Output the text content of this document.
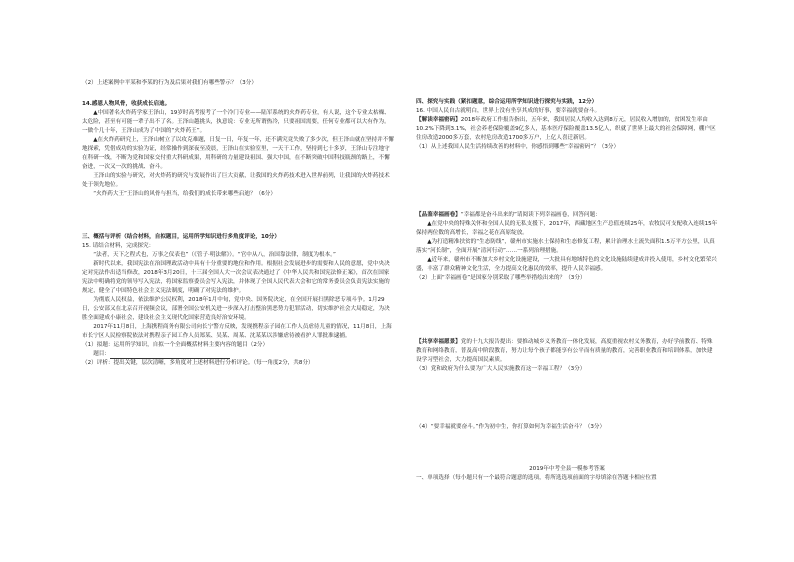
（2）上述案例中平某和李某的行为及后果对我们有哪些警示？（3分）

14.感恩人物风骨，收获成长启迪。

▲中国著名火炸药学家王泽山，19岁时高考报考了一个冷门专业——陆军系统的火炸药专业，有人说，这个专业太枯燥、太危险，甚至有可能一辈子出不了名。王泽山越挑头，执意说：专业无所谓热冷，只要祖国需要，任何专业都可以大有作为。一做个几十年，王泽山成为了中国的“火炸药王”。

▲在火炸药研究上，王泽山树立了以攻克难题，日复一日，年复一年，还不满究竟失败了多少次，但王泽山就在坚持并不懈地探索，凭借成功的实验为证，经常操作到深夜至凌晨，王泽山在实验室里，一天干工作，坚持到七十多岁，王泽山专注地守在科研一线，不断为党和国家交付重大科研成果，用科研的力量建设祖国、强大中国，在不断突破中国科技瓶颈的路上，不懈奋进，一次又一次的挑战、奋斗。

王泽山的实验与研究，对火炸药的研究与发展作出了巨大贡献，让我国的火炸药技术进入世界前列，让我国的火炸药技术处于领先地位。

“火炸药大王”王泽山的风骨与担当，给我们的成长带来哪些启迪？（6分）

三、概括与评析（结合材料，自拟题目，运用所学知识进行多角度评论，10分）

15. 请结合材料，完成探究：

“法者，天下之程式也，万事之仪表也”（《管子·明法解》）。“官中从八，治国靠法律，制度为根本。”

新时代以来，我国宪法在治国理政活动中具有十分重要的地位和作用。根据社会发展进步的需要和人民的意愿，党中央决定对宪法作出适当修改，2018年3月20日，十三届全国人大一次会议表决通过了《中华人民共和国宪法修正案》，首次在国家宪法中明确将党的领导写入宪法，将国家监察委员会写入宪法，并体现了全国人民代表大会和它的常务委员会负责宪法实施的规定，健全了中国特色社会主义宪法制度，明确了对宪法的维护。

为彻底人民权益，依法维护公民权利，2018年1月中旬，党中央、国务院决定，在全国开展扫黑除恶专项斗争。1月29日，公安部又在北京召开视频会议，部署全国公安机关进一步深入打击整治黑恶势力犯罪活动，切实维护社会大局稳定，为决胜全面建成小康社会，建设社会主义现代化国家营造良好治安环境。

2017年11月8日，上海携程商务有限公司向长宁警方反映，发现携程亲子园在工作人员虐待儿童的情况，11月8日，上海市长宁区人民检察院依法对携程亲子园工作人员郑某、吴某、周某、沈某某以涉嫌虐待被看护人罪批准逮捕。

（1）拟题：运用所学知识，自拟一个全面概括材料主要内容的题目（2分）

题目：

（2）评析：提出关键，层次清晰，多角度对上述材料进行分析评论。（每一角度2分，共8分）

四、探究与实践（紧扣题意，综合运用所学知识进行探究与实践，12分）

16. 中国人民自古就明白，世界上没有坐享其成的好事，要幸福就要奋斗。

【解读幸福密码】2018年政府工作报告指出，五年来，我国居民人均收入达到8万元，居民收入增加的，贫困发生率由10.2%下降到3.1%，社会养老保险覆盖9亿多人，基本医疗保险覆盖13.5亿人，织就了世界上最大的社会保障网，棚户区住房改造2000多万套，农村危房改造1700多万户，上亿人喜迁新居。

（1）从上述我国人民生活持续改善的材料中，你感悟到哪些“幸福密码”？（3分）

【品鉴幸福画卷】“幸福都是奋斗出来的”请阅读下列幸福画卷，回答问题：

▲在党中央的特殊关怀和全国人民的无私支援下，2017年，西藏地区生产总值连续25年，农牧民可支配收入连续15年保持两位数的高增长，幸福之花在高原绽放。

▲为打造精准扶贫的“生态防线”，赣州市实施水土保持和生态修复工程，累计治理水土流失面积1.5万平方公里，认真落实“河长制”，全面开展“清河行动”……一系列治理措施。

▲近年来，赣州市不断加大乡村文化设施建设，一大批具有地域特色的文化设施陆续建成并投入使用，乡村文化繁荣兴盛，丰富了群众精神文化生活，全力提高文化惠民的效率，提升人民幸福感。

（2）上面“幸福画卷”是国家分别采取了哪些举措绘出来的？（3分）

【共享幸福愿景】党的十九大报告提出：要推动城乡义务教育一体化发展，高度重视农村义务教育，办好学前教育、特殊教育和网络教育，普及高中阶段教育，努力让每个孩子都能享有公平而有质量的教育，完善职业教育和培训体系，加快建设学习型社会，大力提高国民素质。

（3）党和政府为什么要为广大人民实施教育这一幸福工程？（3分）

（4）“要幸福就要奋斗。”作为初中生，你打算如何为幸福生活奋斗？（3分）

2019年中考全县一模参考答案

一、单项选择（每小题只有一个最符合题意的选项，将所选选项前面的字母填涂在答题卡相应位置
